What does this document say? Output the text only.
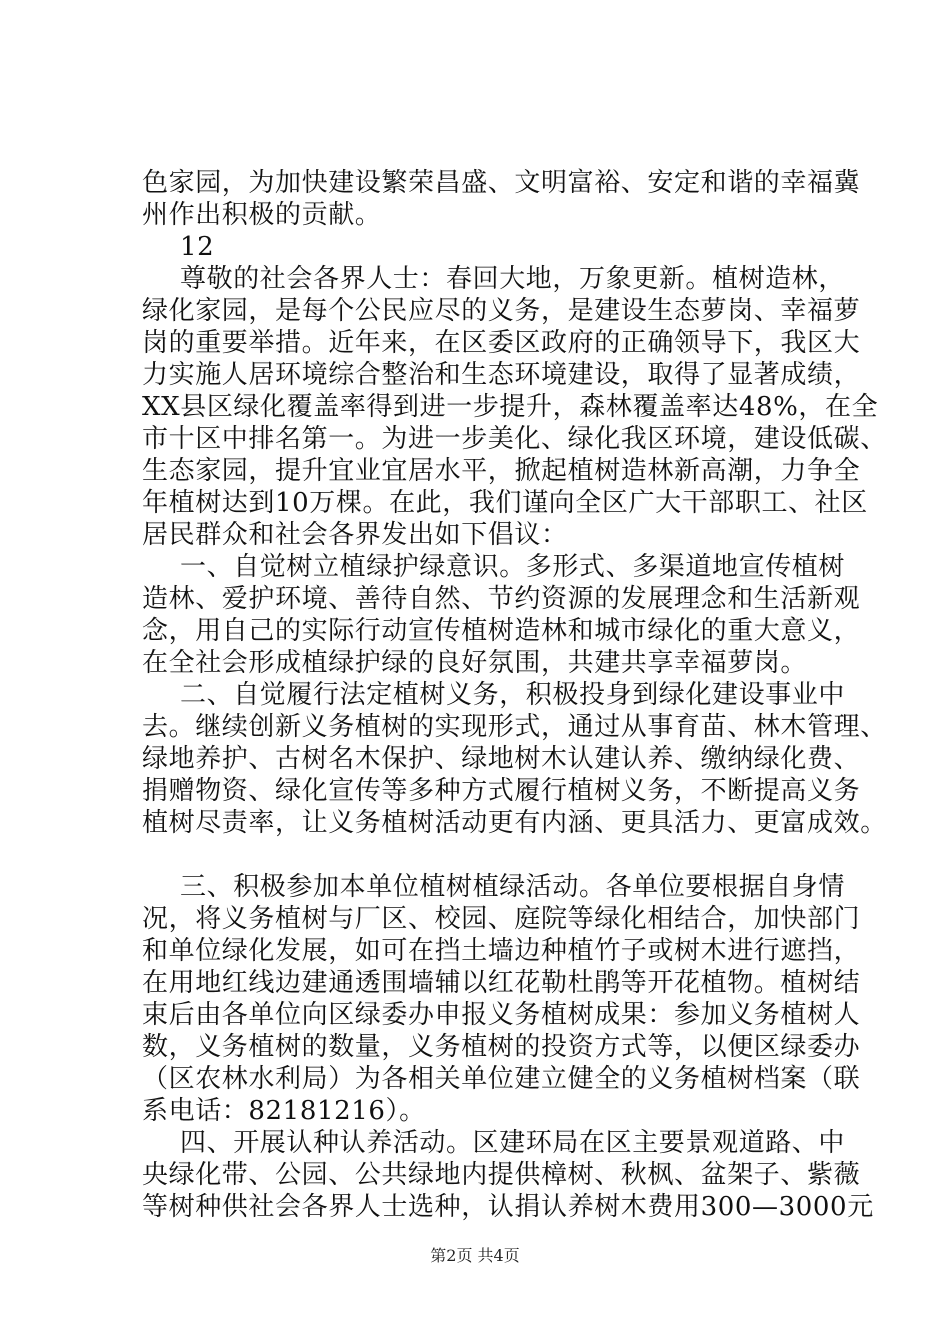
色家园，为加快建设繁荣昌盛、文明富裕、安定和谐的幸福冀
州作出积极的贡献。
12
尊敬的社会各界人士：春回大地，万象更新。植树造林，
绿化家园，是每个公民应尽的义务，是建设生态萝岗、幸福萝
岗的重要举措。近年来，在区委区政府的正确领导下，我区大
力实施人居环境综合整治和生态环境建设，取得了显著成绩，
XX县区绿化覆盖率得到进一步提升，森林覆盖率达48%，在全
市十区中排名第一。为进一步美化、绿化我区环境，建设低碳、
生态家园，提升宜业宜居水平，掀起植树造林新高潮，力争全
年植树达到10万棵。在此，我们谨向全区广大干部职工、社区
居民群众和社会各界发出如下倡议：
一、自觉树立植绿护绿意识。多形式、多渠道地宣传植树
造林、爱护环境、善待自然、节约资源的发展理念和生活新观
念，用自己的实际行动宣传植树造林和城市绿化的重大意义，
在全社会形成植绿护绿的良好氛围，共建共享幸福萝岗。
二、自觉履行法定植树义务，积极投身到绿化建设事业中
去。继续创新义务植树的实现形式，通过从事育苗、林木管理、
绿地养护、古树名木保护、绿地树木认建认养、缴纳绿化费、
捐赠物资、绿化宣传等多种方式履行植树义务，不断提高义务
植树尽责率，让义务植树活动更有内涵、更具活力、更富成效。
三、积极参加本单位植树植绿活动。各单位要根据自身情
况，将义务植树与厂区、校园、庭院等绿化相结合，加快部门
和单位绿化发展，如可在挡土墙边种植竹子或树木进行遮挡，
在用地红线边建通透围墙辅以红花勒杜鹃等开花植物。植树结
束后由各单位向区绿委办申报义务植树成果：参加义务植树人
数，义务植树的数量，义务植树的投资方式等，以便区绿委办
（区农林水利局）为各相关单位建立健全的义务植树档案（联
系电话：82181216）。
四、开展认种认养活动。区建环局在区主要景观道路、中
央绿化带、公园、公共绿地内提供樟树、秋枫、盆架子、紫薇
等树种供社会各界人士选种，认捐认养树木费用300—3000元
第2页 共4页
